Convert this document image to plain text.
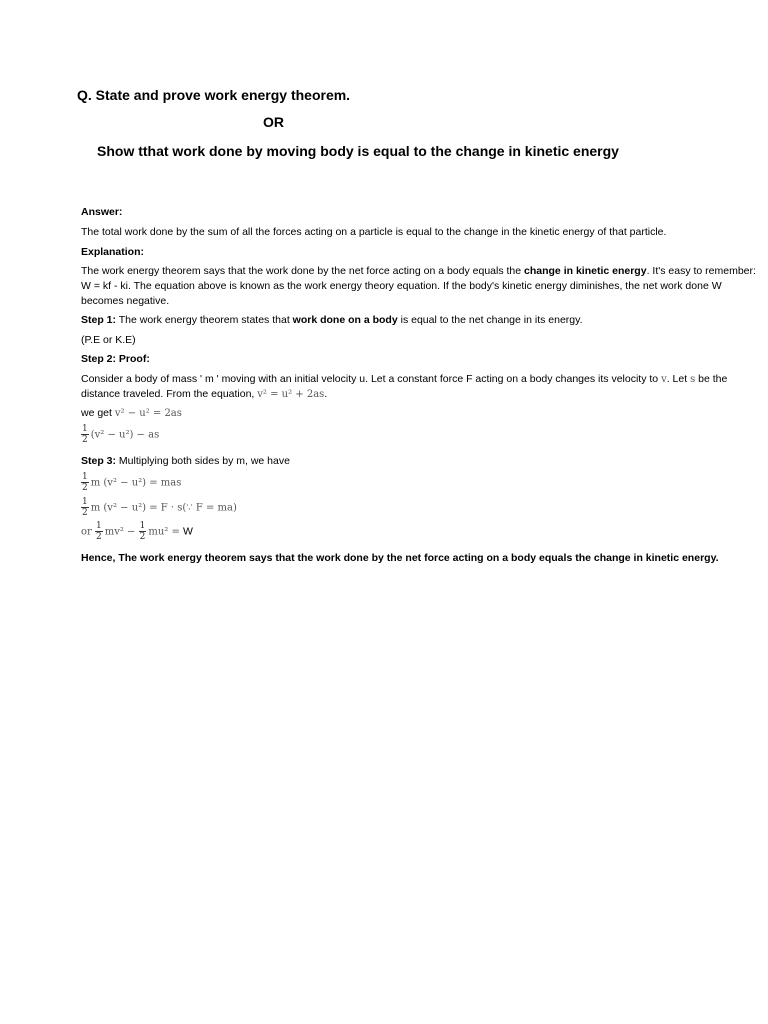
Q. State and prove work energy theorem.
OR
Show tthat work done by moving body is equal to the change in kinetic energy
Answer:
The total work done by the sum of all the forces acting on a particle is equal to the change in the kinetic energy of that particle.
Explanation:
The work energy theorem says that the work done by the net force acting on a body equals the change in kinetic energy. It's easy to remember: W = kf - ki. The equation above is known as the work energy theory equation. If the body's kinetic energy diminishes, the net work done W becomes negative.
Step 1: The work energy theorem states that work done on a body is equal to the net change in its energy.
(P.E or K.E)
Step 2: Proof:
Consider a body of mass ' m ' moving with an initial velocity u. Let a constant force F acting on a body changes its velocity to v. Let s be the distance traveled. From the equation, v² = u² + 2as.
we get v² − u² = 2as
$\frac{1}{2} (v^2 - u^2)$ − as
Step 3: Multiplying both sides by m, we have
$\frac{1}{2}$ m (v² − u²) = mas
$\frac{1}{2}$ m (v² − u²) = F · s(∵ F = ma)
or $\frac{1}{2} mv^2 - \frac{1}{2} mu^2 = W$
Hence, The work energy theorem says that the work done by the net force acting on a body equals the change in kinetic energy.
